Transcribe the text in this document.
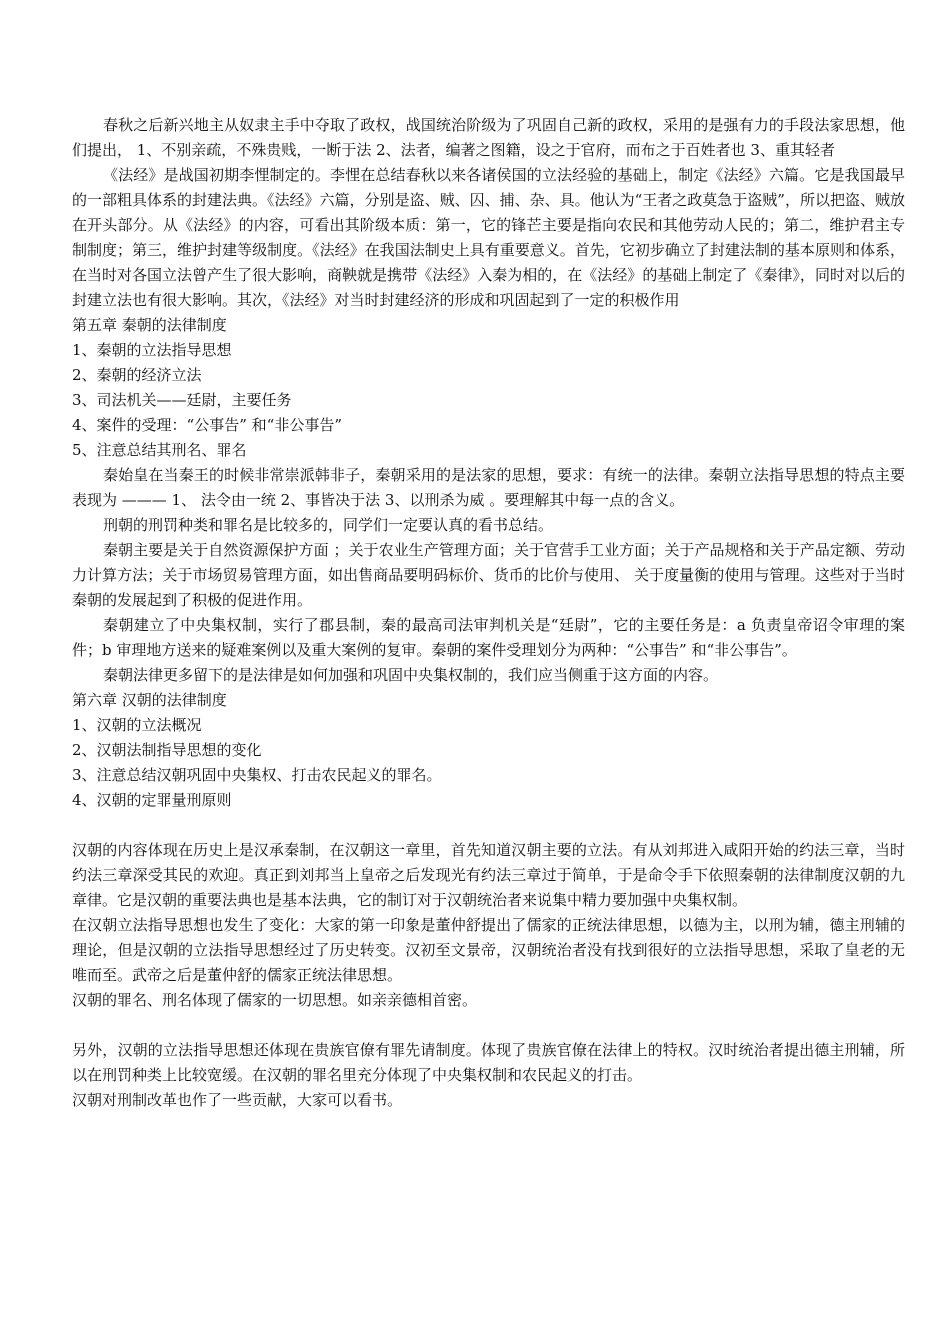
春秋之后新兴地主从奴隶主手中夺取了政权，战国统治阶级为了巩固自己新的政权，采用的是强有力的手段法家思想，他们提出， 1、不别亲疏，不殊贵贱，一断于法 2、法者，编著之图籍，设之于官府，而布之于百姓者也 3、重其轻者

《法经》是战国初期李悝制定的。李悝在总结春秋以来各诸侯国的立法经验的基础上，制定《法经》六篇。它是我国最早的一部粗具体系的封建法典。《法经》六篇，分别是盗、贼、囚、捕、杂、具。他认为“王者之政莫急于盗贼”，所以把盗、贼放在开头部分。从《法经》的内容，可看出其阶级本质：第一，它的锋芒主要是指向农民和其他劳动人民的；第二，维护君主专制制度；第三，维护封建等级制度。《法经》在我国法制史上具有重要意义。首先，它初步确立了封建法制的基本原则和体系，在当时对各国立法曾产生了很大影响，商鞅就是携带《法经》入秦为相的，在《法经》的基础上制定了《秦律》，同时对以后的封建立法也有很大影响。其次，《法经》对当时封建经济的形成和巩固起到了一定的积极作用

第五章 秦朝的法律制度

1、秦朝的立法指导思想

2、秦朝的经济立法

3、司法机关——廷尉，主要任务

4、案件的受理：“公事告” 和“非公事告”

5、注意总结其刑名、罪名

秦始皇在当秦王的时候非常崇派韩非子，秦朝采用的是法家的思想，要求：有统一的法律。秦朝立法指导思想的特点主要表现为 ——— 1、 法令由一统 2、事皆决于法 3、以刑杀为威 。要理解其中每一点的含义。

刑朝的刑罚种类和罪名是比较多的，同学们一定要认真的看书总结。

秦朝主要是关于自然资源保护方面 ；关于农业生产管理方面；关于官营手工业方面；关于产品规格和关于产品定额、劳动力计算方法；关于市场贸易管理方面，如出售商品要明码标价、货币的比价与使用、 关于度量衡的使用与管理。这些对于当时秦朝的发展起到了积极的促进作用。

秦朝建立了中央集权制，实行了郡县制，秦的最高司法审判机关是“廷尉”，它的主要任务是：a 负责皇帝诏令审理的案件；b 审理地方送来的疑难案例以及重大案例的复审。秦朝的案件受理划分为两种：“公事告” 和“非公事告”。

秦朝法律更多留下的是法律是如何加强和巩固中央集权制的，我们应当侧重于这方面的内容。

第六章 汉朝的法律制度

1、汉朝的立法概况

2、汉朝法制指导思想的变化

3、注意总结汉朝巩固中央集权、打击农民起义的罪名。

4、汉朝的定罪量刑原则

汉朝的内容体现在历史上是汉承秦制，在汉朝这一章里，首先知道汉朝主要的立法。有从刘邦进入咸阳开始的约法三章，当时约法三章深受其民的欢迎。真正到刘邦当上皇帝之后发现光有约法三章过于简单，于是命令手下依照秦朝的法律制度汉朝的九章律。它是汉朝的重要法典也是基本法典，它的制订对于汉朝统治者来说集中精力要加强中央集权制。

在汉朝立法指导思想也发生了变化：大家的第一印象是董仲舒提出了儒家的正统法律思想，以德为主，以刑为辅，德主刑辅的理论，但是汉朝的立法指导思想经过了历史转变。汉初至文景帝，汉朝统治者没有找到很好的立法指导思想，采取了皇老的无唯而至。武帝之后是董仲舒的儒家正统法律思想。

汉朝的罪名、刑名体现了儒家的一切思想。如亲亲德相首密。

另外，汉朝的立法指导思想还体现在贵族官僚有罪先请制度。体现了贵族官僚在法律上的特权。汉时统治者提出德主刑辅，所以在刑罚种类上比较宽缓。在汉朝的罪名里充分体现了中央集权制和农民起义的打击。

汉朝对刑制改革也作了一些贡献，大家可以看书。
